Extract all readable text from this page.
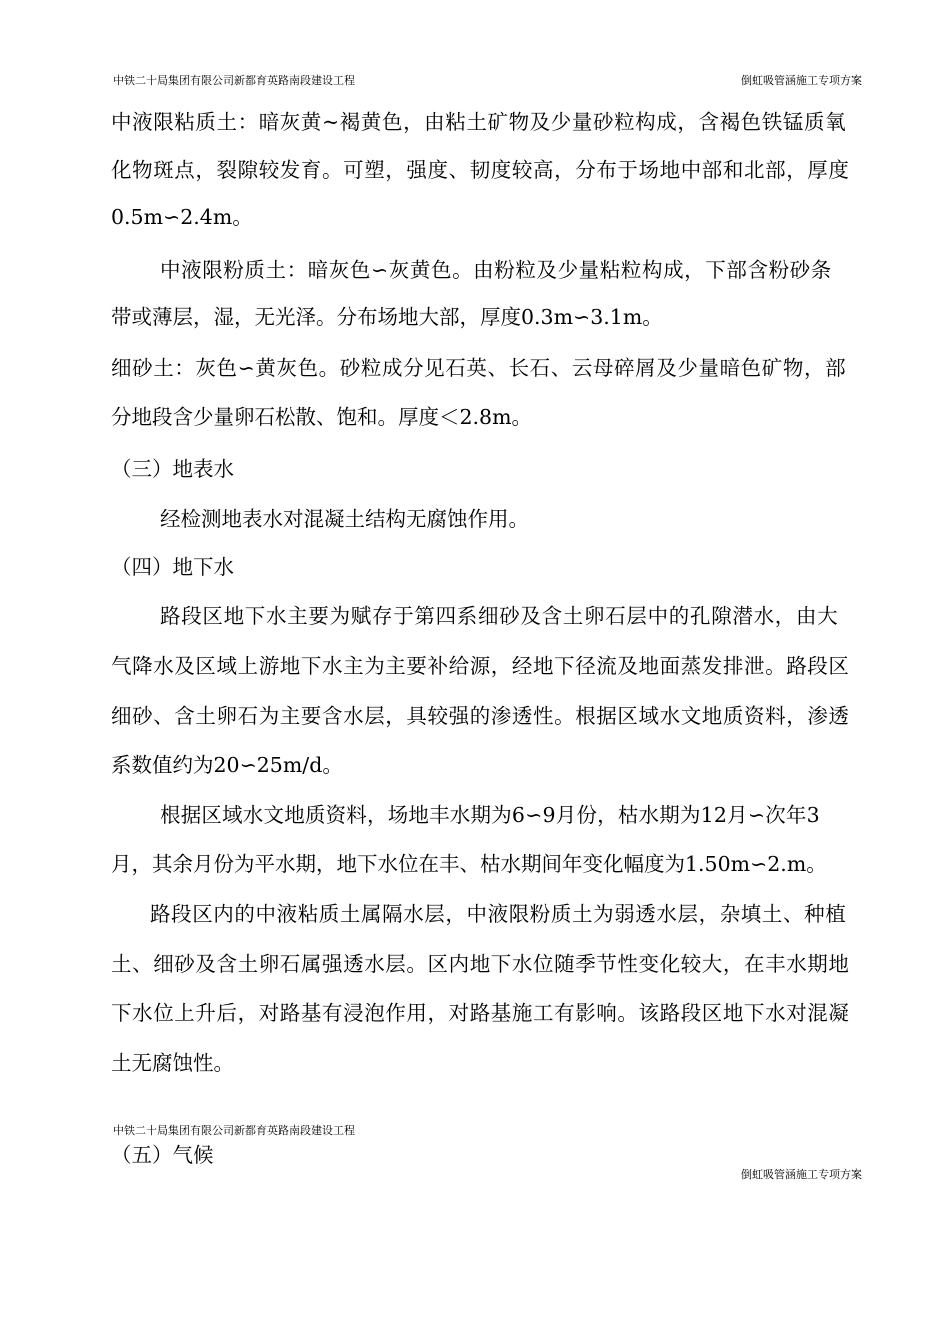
中铁二十局集团有限公司新都育英路南段建设工程	倒虹吸管涵施工专项方案
中液限粘质土：暗灰黄~褐黄色，由粘土矿物及少量砂粒构成，含褐色铁锰质氧
化物斑点，裂隙较发育。可塑，强度、韧度较高，分布于场地中部和北部，厚度
0.5m∽2.4m。
中液限粉质土：暗灰色∽灰黄色。由粉粒及少量粘粒构成，下部含粉砂条
带或薄层，湿，无光泽。分布场地大部，厚度0.3m∽3.1m。
细砂土：灰色∽黄灰色。砂粒成分见石英、长石、云母碎屑及少量暗色矿物，部
分地段含少量卵石松散、饱和。厚度＜2.8m。
（三）地表水
经检测地表水对混凝土结构无腐蚀作用。
（四）地下水
路段区地下水主要为赋存于第四系细砂及含土卵石层中的孔隙潜水，由大
气降水及区域上游地下水主为主要补给源，经地下径流及地面蒸发排泄。路段区
细砂、含土卵石为主要含水层，具较强的渗透性。根据区域水文地质资料，渗透
系数值约为20∽25m/d。
根据区域水文地质资料，场地丰水期为6∽9月份，枯水期为12月∽次年3
月，其余月份为平水期，地下水位在丰、枯水期间年变化幅度为1.50m∽2.m。
路段区内的中液粘质土属隔水层，中液限粉质土为弱透水层，杂填土、种植
土、细砂及含土卵石属强透水层。区内地下水位随季节性变化较大，在丰水期地
下水位上升后，对路基有浸泡作用，对路基施工有影响。该路段区地下水对混凝
土无腐蚀性。
中铁二十局集团有限公司新都育英路南段建设工程
（五）气候
倒虹吸管涵施工专项方案
